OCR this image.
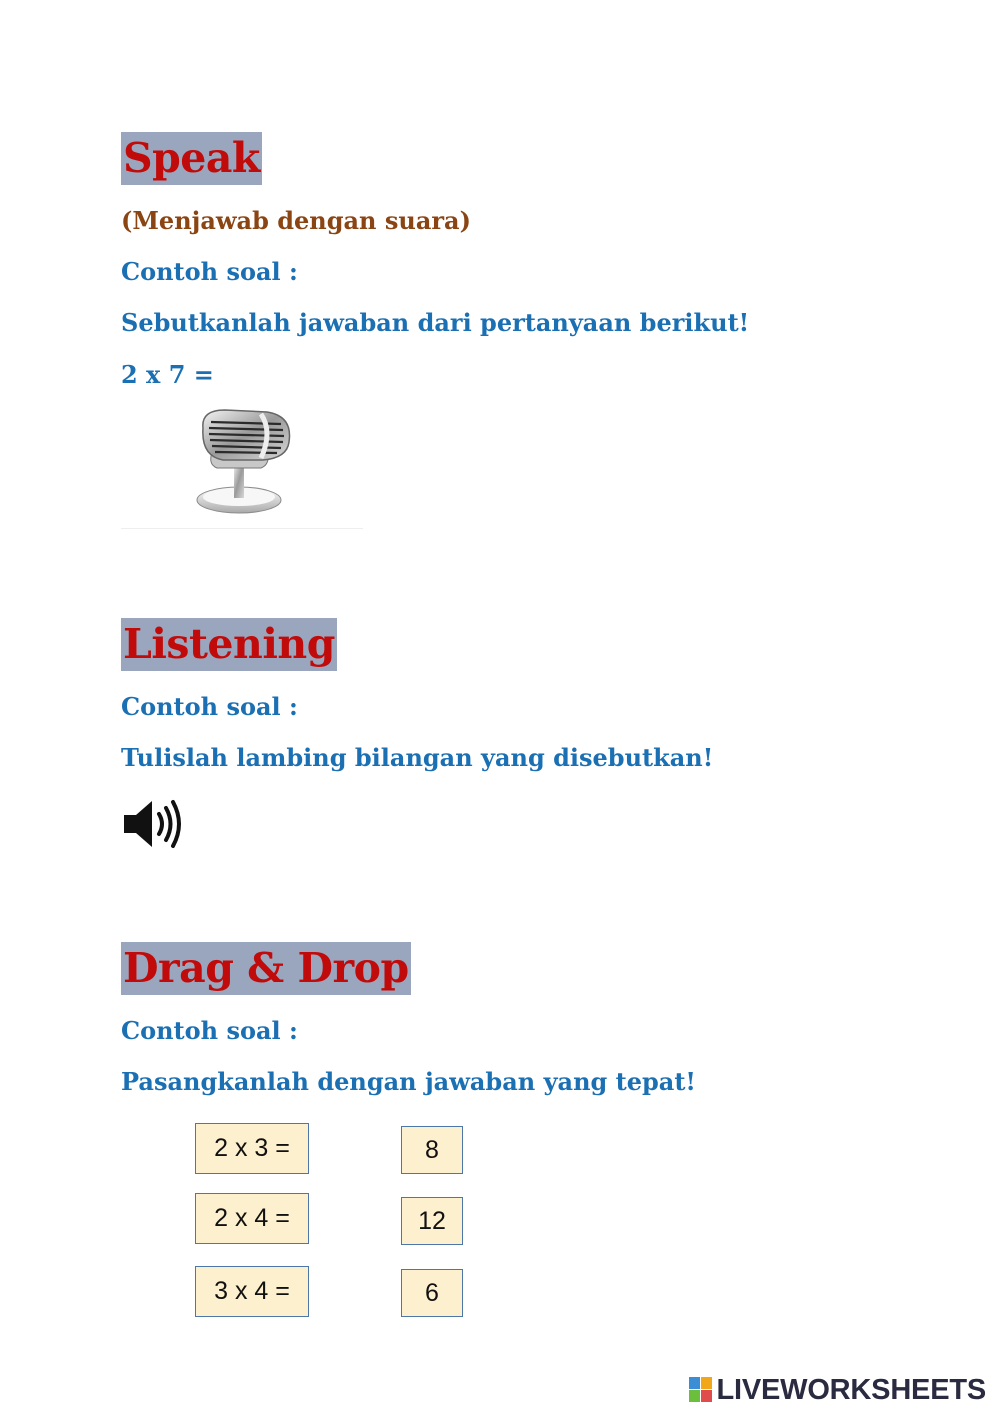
Speak
(Menjawab dengan suara)
Contoh soal :
Sebutkanlah jawaban dari pertanyaan berikut!
2 x 7 =
Listening
Contoh soal :
Tulislah lambing bilangan yang disebutkan!
Drag & Drop
Contoh soal :
Pasangkanlah dengan jawaban yang tepat!
2 x 3 =
2 x 4 =
3 x 4 =
8
12
6
LIVEWORKSHEETS
